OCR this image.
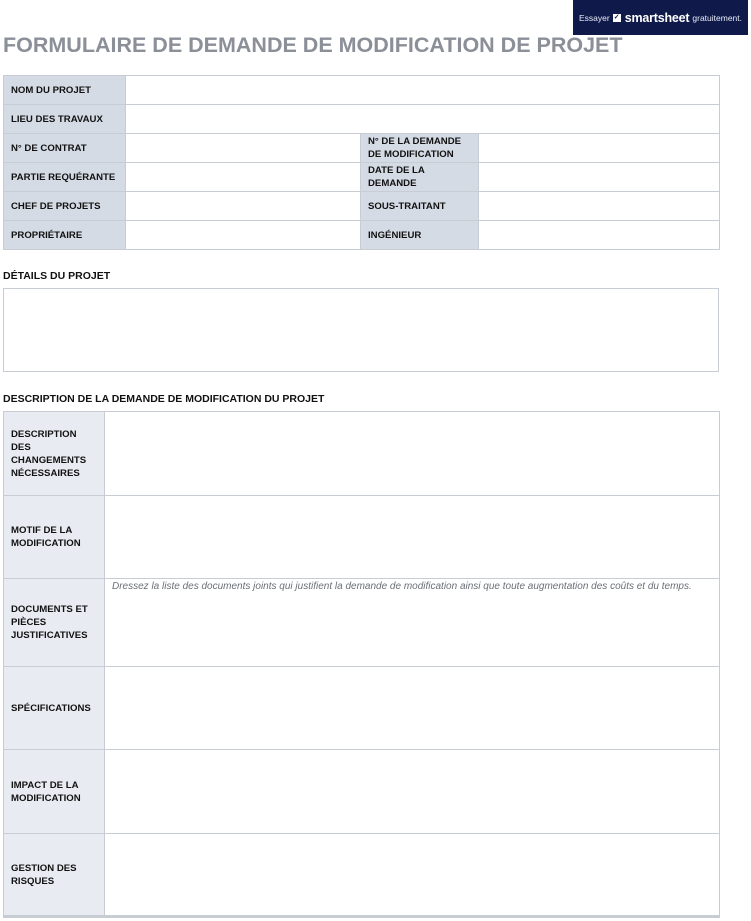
Essayer ✓ smartsheet gratuitement.
FORMULAIRE DE DEMANDE DE MODIFICATION DE PROJET
NOM DU PROJET			
LIEU DES TRAVAUX			
N° DE CONTRAT		N° DE LA DEMANDE DE MODIFICATION	
PARTIE REQUÉRANTE		DATE DE LA DEMANDE	
CHEF DE PROJETS		SOUS-TRAITANT	
PROPRIÉTAIRE		INGÉNIEUR	
DÉTAILS DU PROJET
DESCRIPTION DE LA DEMANDE DE MODIFICATION DU PROJET
DESCRIPTION DES CHANGEMENTS NÉCESSAIRES	
MOTIF DE LA MODIFICATION	
DOCUMENTS ET PIÈCES JUSTIFICATIVES	Dressez la liste des documents joints qui justifient la demande de modification ainsi que toute augmentation des coûts et du temps.

SPÉCIFICATIONS	
IMPACT DE LA MODIFICATION	
GESTION DES RISQUES	
